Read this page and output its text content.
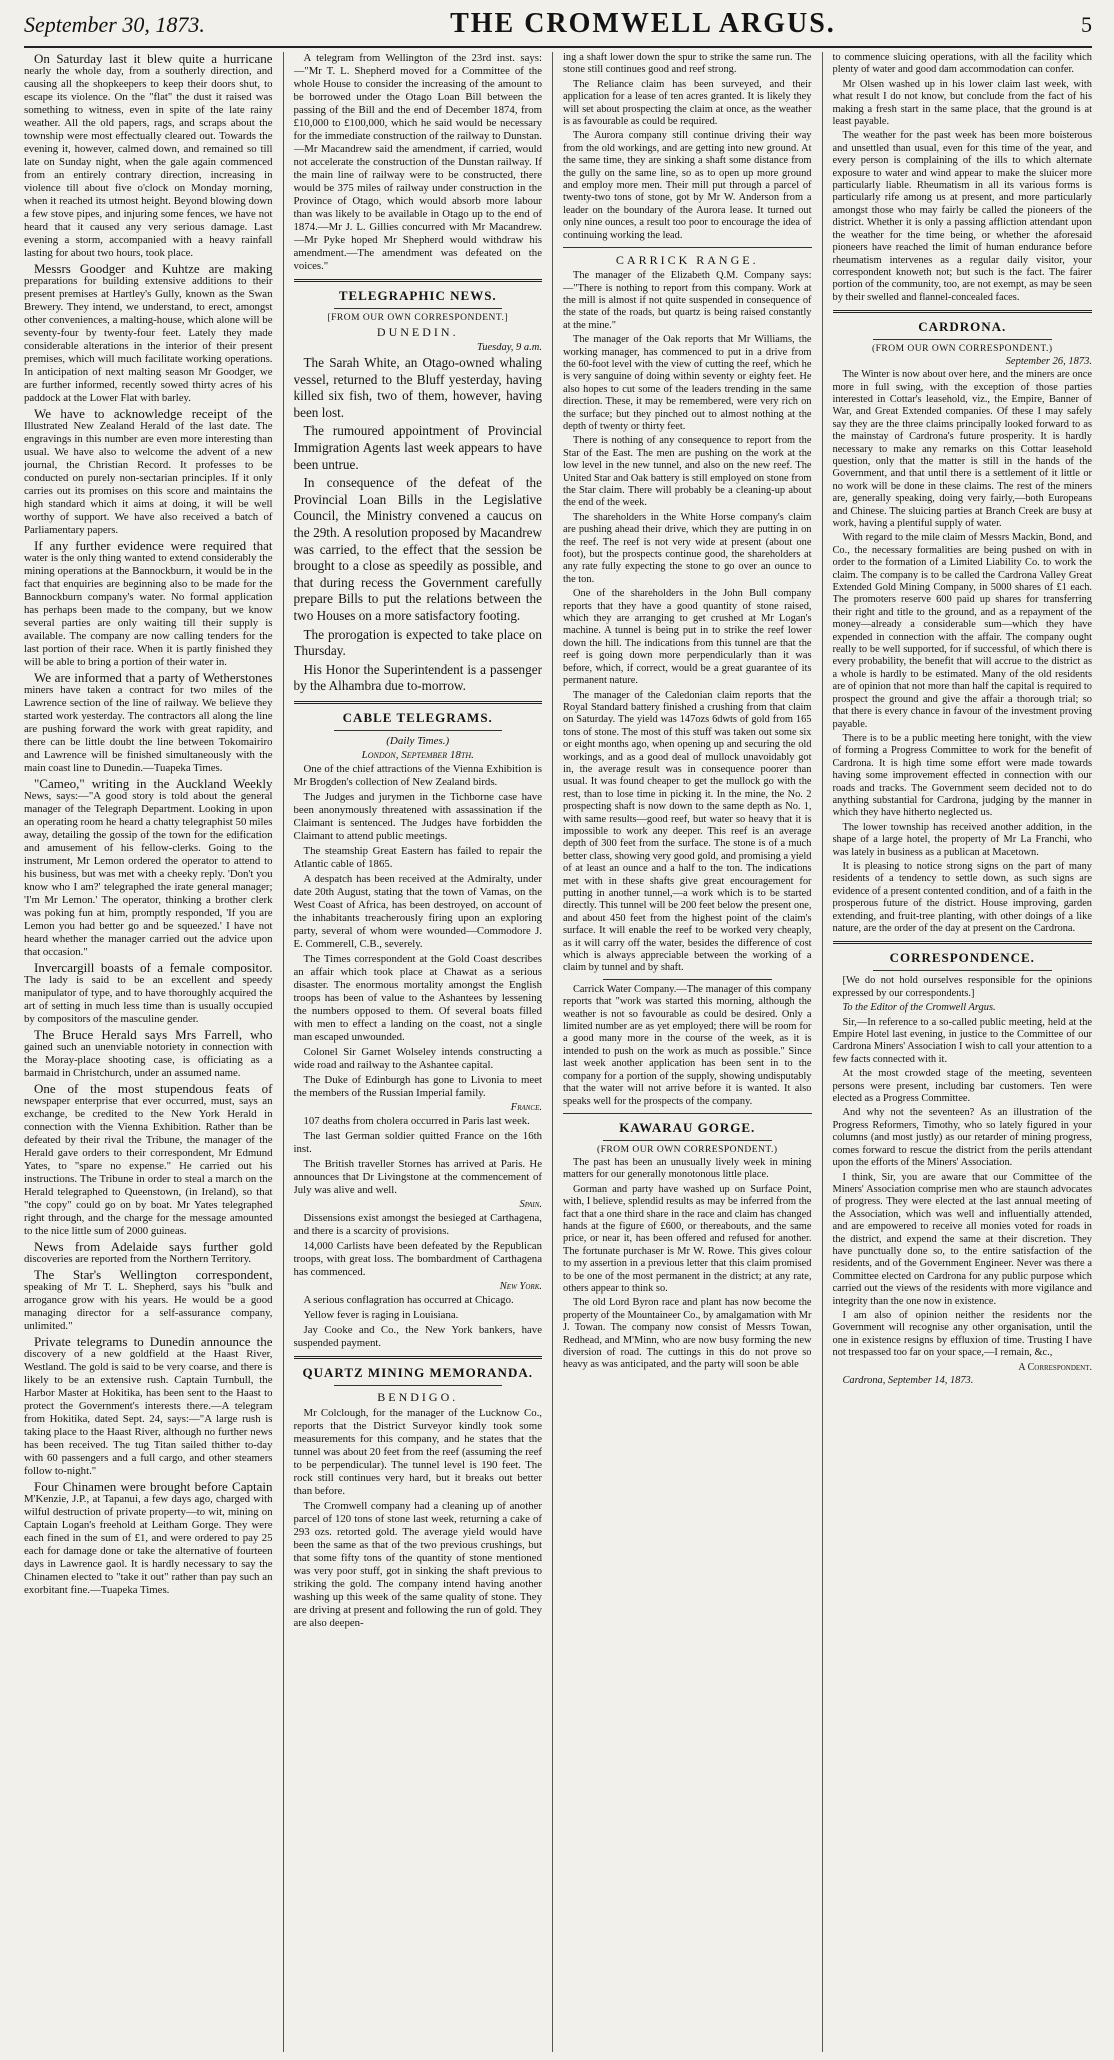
September 30, 1873.	THE CROMWELL ARGUS.	5

On Saturday last it blew quite a hurricane nearly the whole day, from a southerly direction, and causing all the shopkeepers to keep their doors shut, to escape its violence. On the "flat" the dust it raised was something to witness, even in spite of the late rainy weather. All the old papers, rags, and scraps about the township were most effectually cleared out. Towards the evening it, however, calmed down, and remained so till late on Sunday night, when the gale again commenced from an entirely contrary direction, increasing in violence till about five o'clock on Monday morning, when it reached its utmost height. Beyond blowing down a few stove pipes, and injuring some fences, we have not heard that it caused any very serious damage. Last evening a storm, accompanied with a heavy rainfall lasting for about two hours, took place.

Messrs Goodger and Kuhtze are making preparations for building extensive additions to their present premises at Hartley's Gully, known as the Swan Brewery. They intend, we understand, to erect, amongst other conveniences, a malting-house, which alone will be seventy-four by twenty-four feet. Lately they made considerable alterations in the interior of their present premises, which will much facilitate working operations. In anticipation of next malting season Mr Goodger, we are further informed, recently sowed thirty acres of his paddock at the Lower Flat with barley.

We have to acknowledge receipt of the Illustrated New Zealand Herald of the last date. The engravings in this number are even more interesting than usual. We have also to welcome the advent of a new journal, the Christian Record. It professes to be conducted on purely non-sectarian principles. If it only carries out its promises on this score and maintains the high standard which it aims at doing, it will be well worthy of support. We have also received a batch of Parliamentary papers.

If any further evidence were required that water is the only thing wanted to extend considerably the mining operations at the Bannockburn, it would be in the fact that enquiries are beginning also to be made for the Bannockburn company's water. No formal application has perhaps been made to the company, but we know several parties are only waiting till their supply is available. The company are now calling tenders for the last portion of their race. When it is partly finished they will be able to bring a portion of their water in.

We are informed that a party of Wetherstones miners have taken a contract for two miles of the Lawrence section of the line of railway. We believe they started work yesterday. The contractors all along the line are pushing forward the work with great rapidity, and there can be little doubt the line between Tokomairiro and Lawrence will be finished simultaneously with the main coast line to Dunedin.—Tuapeka Times.

"Cameo," writing in the Auckland Weekly News, says:—"A good story is told about the general manager of the Telegraph Department. Looking in upon an operating room he heard a chatty telegraphist 50 miles away, detailing the gossip of the town for the edification and amusement of his fellow-clerks. Going to the instrument, Mr Lemon ordered the operator to attend to his business, but was met with a cheeky reply. 'Don't you know who I am?' telegraphed the irate general manager; 'I'm Mr Lemon.' The operator, thinking a brother clerk was poking fun at him, promptly responded, 'If you are Lemon you had better go and be squeezed.' I have not heard whether the manager carried out the advice upon that occasion."

Invercargill boasts of a female compositor. The lady is said to be an excellent and speedy manipulator of type, and to have thoroughly acquired the art of setting in much less time than is usually occupied by compositors of the masculine gender.

The Bruce Herald says Mrs Farrell, who gained such an unenviable notoriety in connection with the Moray-place shooting case, is officiating as a barmaid in Christchurch, under an assumed name.

One of the most stupendous feats of newspaper enterprise that ever occurred, must, says an exchange, be credited to the New York Herald in connection with the Vienna Exhibition. Rather than be defeated by their rival the Tribune, the manager of the Herald gave orders to their correspondent, Mr Edmund Yates, to "spare no expense." He carried out his instructions. The Tribune in order to steal a march on the Herald telegraphed to Queenstown, (in Ireland), so that "the copy" could go on by boat. Mr Yates telegraphed right through, and the charge for the message amounted to the nice little sum of 2000 guineas.

News from Adelaide says further gold discoveries are reported from the Northern Territory.

The Star's Wellington correspondent, speaking of Mr T. L. Shepherd, says his "bulk and arrogance grow with his years. He would be a good managing director for a self-assurance company, unlimited."

Private telegrams to Dunedin announce the discovery of a new goldfield at the Haast River, Westland. The gold is said to be very coarse, and there is likely to be an extensive rush. Captain Turnbull, the Harbor Master at Hokitika, has been sent to the Haast to protect the Government's interests there.—A telegram from Hokitika, dated Sept. 24, says:—"A large rush is taking place to the Haast River, although no further news has been received. The tug Titan sailed thither to-day with 60 passengers and a full cargo, and other steamers follow to-night."

Four Chinamen were brought before Captain M'Kenzie, J.P., at Tapanui, a few days ago, charged with wilful destruction of private property—to wit, mining on Captain Logan's freehold at Leitham Gorge. They were each fined in the sum of £1, and were ordered to pay 25 each for damage done or take the alternative of fourteen days in Lawrence gaol. It is hardly necessary to say the Chinamen elected to "take it out" rather than pay such an exorbitant fine.—Tuapeka Times.

A telegram from Wellington of the 23rd inst. says:—"Mr T. L. Shepherd moved for a Committee of the whole House to consider the increasing of the amount to be borrowed under the Otago Loan Bill between the passing of the Bill and the end of December 1874, from £10,000 to £100,000, which he said would be necessary for the immediate construction of the railway to Dunstan.—Mr Macandrew said the amendment, if carried, would not accelerate the construction of the Dunstan railway. If the main line of railway were to be constructed, there would be 375 miles of railway under construction in the Province of Otago, which would absorb more labour than was likely to be available in Otago up to the end of 1874.—Mr J. L. Gillies concurred with Mr Macandrew.—Mr Pyke hoped Mr Shepherd would withdraw his amendment.—The amendment was defeated on the voices."

TELEGRAPHIC NEWS.
[FROM OUR OWN CORRESPONDENT.]
DUNEDIN.
Tuesday, 9 a.m.

The Sarah White, an Otago-owned whaling vessel, returned to the Bluff yesterday, having killed six fish, two of them, however, having been lost.

The rumoured appointment of Provincial Immigration Agents last week appears to have been untrue.

In consequence of the defeat of the Provincial Loan Bills in the Legislative Council, the Ministry convened a caucus on the 29th. A resolution proposed by Macandrew was carried, to the effect that the session be brought to a close as speedily as possible, and that during recess the Government carefully prepare Bills to put the relations between the two Houses on a more satisfactory footing.

The prorogation is expected to take place on Thursday.

His Honor the Superintendent is a passenger by the Alhambra due to-morrow.

CABLE TELEGRAMS.
(Daily Times.)
London, September 18th.

One of the chief attractions of the Vienna Exhibition is Mr Brogden's collection of New Zealand birds.

The Judges and jurymen in the Tichborne case have been anonymously threatened with assassination if the Claimant is sentenced. The Judges have forbidden the Claimant to attend public meetings.

The steamship Great Eastern has failed to repair the Atlantic cable of 1865.

A despatch has been received at the Admiralty, under date 20th August, stating that the town of Vamas, on the West Coast of Africa, has been destroyed, on account of the inhabitants treacherously firing upon an exploring party, several of whom were wounded—Commodore J. E. Commerell, C.B., severely.

The Times correspondent at the Gold Coast describes an affair which took place at Chawat as a serious disaster. The enormous mortality amongst the English troops has been of value to the Ashantees by lessening the numbers opposed to them. Of several boats filled with men to effect a landing on the coast, not a single man escaped unwounded.

Colonel Sir Garnet Wolseley intends constructing a wide road and railway to the Ashantee capital.

The Duke of Edinburgh has gone to Livonia to meet the members of the Russian Imperial family.

France.

107 deaths from cholera occurred in Paris last week.

The last German soldier quitted France on the 16th inst.

The British traveller Stornes has arrived at Paris. He announces that Dr Livingstone at the commencement of July was alive and well.

Spain.

Dissensions exist amongst the besieged at Carthagena, and there is a scarcity of provisions.

14,000 Carlists have been defeated by the Republican troops, with great loss. The bombardment of Carthagena has commenced.

New York.

A serious conflagration has occurred at Chicago.

Yellow fever is raging in Louisiana.

Jay Cooke and Co., the New York bankers, have suspended payment.

QUARTZ MINING MEMORANDA.
BENDIGO.

Mr Colclough, for the manager of the Lucknow Co., reports that the District Surveyor kindly took some measurements for this company, and he states that the tunnel was about 20 feet from the reef (assuming the reef to be perpendicular). The tunnel level is 190 feet. The rock still continues very hard, but it breaks out better than before.

The Cromwell company had a cleaning up of another parcel of 120 tons of stone last week, returning a cake of 293 ozs. retorted gold. The average yield would have been the same as that of the two previous crushings, but that some fifty tons of the quantity of stone mentioned was very poor stuff, got in sinking the shaft previous to striking the gold. The company intend having another washing up this week of the same quality of stone. They are driving at present and following the run of gold. They are also deepen-

ing a shaft lower down the spur to strike the same run. The stone still continues good and reef strong.

The Reliance claim has been surveyed, and their application for a lease of ten acres granted. It is likely they will set about prospecting the claim at once, as the weather is as favourable as could be required.

The Aurora company still continue driving their way from the old workings, and are getting into new ground. At the same time, they are sinking a shaft some distance from the gully on the same line, so as to open up more ground and employ more men. Their mill put through a parcel of twenty-two tons of stone, got by Mr W. Anderson from a leader on the boundary of the Aurora lease. It turned out only nine ounces, a result too poor to encourage the idea of continuing working the lead.

CARRICK RANGE.

The manager of the Elizabeth Q.M. Company says:—"There is nothing to report from this company. Work at the mill is almost if not quite suspended in consequence of the state of the roads, but quartz is being raised constantly at the mine."

The manager of the Oak reports that Mr Williams, the working manager, has commenced to put in a drive from the 60-foot level with the view of cutting the reef, which he is very sanguine of doing within seventy or eighty feet. He also hopes to cut some of the leaders trending in the same direction. These, it may be remembered, were very rich on the surface; but they pinched out to almost nothing at the depth of twenty or thirty feet.

There is nothing of any consequence to report from the Star of the East. The men are pushing on the work at the low level in the new tunnel, and also on the new reef. The United Star and Oak battery is still employed on stone from the Star claim. There will probably be a cleaning-up about the end of the week.

The shareholders in the White Horse company's claim are pushing ahead their drive, which they are putting in on the reef. The reef is not very wide at present (about one foot), but the prospects continue good, the shareholders at any rate fully expecting the stone to go over an ounce to the ton.

One of the shareholders in the John Bull company reports that they have a good quantity of stone raised, which they are arranging to get crushed at Mr Logan's machine. A tunnel is being put in to strike the reef lower down the hill. The indications from this tunnel are that the reef is going down more perpendicularly than it was before, which, if correct, would be a great guarantee of its permanent nature.

The manager of the Caledonian claim reports that the Royal Standard battery finished a crushing from that claim on Saturday. The yield was 147ozs 6dwts of gold from 165 tons of stone. The most of this stuff was taken out some six or eight months ago, when opening up and securing the old workings, and as a good deal of mullock unavoidably got in, the average result was in consequence poorer than usual. It was found cheaper to get the mullock go with the rest, than to lose time in picking it. In the mine, the No. 2 prospecting shaft is now down to the same depth as No. 1, with same results—good reef, but water so heavy that it is impossible to work any deeper. This reef is an average depth of 300 feet from the surface. The stone is of a much better class, showing very good gold, and promising a yield of at least an ounce and a half to the ton. The indications met with in these shafts give great encouragement for putting in another tunnel,—a work which is to be started directly. This tunnel will be 200 feet below the present one, and about 450 feet from the highest point of the claim's surface. It will enable the reef to be worked very cheaply, as it will carry off the water, besides the difference of cost which is always appreciable between the working of a claim by tunnel and by shaft.

Carrick Water Company.—The manager of this company reports that "work was started this morning, although the weather is not so favourable as could be desired. Only a limited number are as yet employed; there will be room for a good many more in the course of the week, as it is intended to push on the work as much as possible." Since last week another application has been sent in to the company for a portion of the supply, showing undisputably that the water will not arrive before it is wanted. It also speaks well for the prospects of the company.

KAWARAU GORGE.
(FROM OUR OWN CORRESPONDENT.)

The past has been an unusually lively week in mining matters for our generally monotonous little place.

Gorman and party have washed up on Surface Point, with, I believe, splendid results as may be inferred from the fact that a one third share in the race and claim has changed hands at the figure of £600, or thereabouts, and the same price, or near it, has been offered and refused for another. The fortunate purchaser is Mr W. Rowe. This gives colour to my assertion in a previous letter that this claim promised to be one of the most permanent in the district; at any rate, others appear to think so.

The old Lord Byron race and plant has now become the property of the Mountaineer Co., by amalgamation with Mr J. Towan. The company now consist of Messrs Towan, Redhead, and M'Minn, who are now busy forming the new diversion of road. The cuttings in this do not prove so heavy as was anticipated, and the party will soon be able

to commence sluicing operations, with all the facility which plenty of water and good dam accommodation can confer.

Mr Olsen washed up in his lower claim last week, with what result I do not know, but conclude from the fact of his making a fresh start in the same place, that the ground is at least payable.

The weather for the past week has been more boisterous and unsettled than usual, even for this time of the year, and every person is complaining of the ills to which alternate exposure to water and wind appear to make the sluicer more particularly liable. Rheumatism in all its various forms is particularly rife among us at present, and more particularly amongst those who may fairly be called the pioneers of the district. Whether it is only a passing affliction attendant upon the weather for the time being, or whether the aforesaid pioneers have reached the limit of human endurance before rheumatism intervenes as a regular daily visitor, your correspondent knoweth not; but such is the fact. The fairer portion of the community, too, are not exempt, as may be seen by their swelled and flannel-concealed faces.

CARDRONA.
(FROM OUR OWN CORRESPONDENT.)
September 26, 1873.

The Winter is now about over here, and the miners are once more in full swing, with the exception of those parties interested in Cottar's leasehold, viz., the Empire, Banner of War, and Great Extended companies. Of these I may safely say they are the three claims principally looked forward to as the mainstay of Cardrona's future prosperity. It is hardly necessary to make any remarks on this Cottar leasehold question, only that the matter is still in the hands of the Government, and that until there is a settlement of it little or no work will be done in these claims. The rest of the miners are, generally speaking, doing very fairly,—both Europeans and Chinese. The sluicing parties at Branch Creek are busy at work, having a plentiful supply of water.

With regard to the mile claim of Messrs Mackin, Bond, and Co., the necessary formalities are being pushed on with in order to the formation of a Limited Liability Co. to work the claim. The company is to be called the Cardrona Valley Great Extended Gold Mining Company, in 5000 shares of £1 each. The promoters reserve 600 paid up shares for transferring their right and title to the ground, and as a repayment of the money—already a considerable sum—which they have expended in connection with the affair. The company ought really to be well supported, for if successful, of which there is every probability, the benefit that will accrue to the district as a whole is hardly to be estimated. Many of the old residents are of opinion that not more than half the capital is required to prospect the ground and give the affair a thorough trial; so that there is every chance in favour of the investment proving payable.

There is to be a public meeting here tonight, with the view of forming a Progress Committee to work for the benefit of Cardrona. It is high time some effort were made towards having some improvement effected in connection with our roads and tracks. The Government seem decided not to do anything substantial for Cardrona, judging by the manner in which they have hitherto neglected us.

The lower township has received another addition, in the shape of a large hotel, the property of Mr La Franchi, who was lately in business as a publican at Macetown.

It is pleasing to notice strong signs on the part of many residents of a tendency to settle down, as such signs are evidence of a present contented condition, and of a faith in the prosperous future of the district. House improving, garden extending, and fruit-tree planting, with other doings of a like nature, are the order of the day at present on the Cardrona.

CORRESPONDENCE.

[We do not hold ourselves responsible for the opinions expressed by our correspondents.]

To the Editor of the Cromwell Argus.

Sir,—In reference to a so-called public meeting, held at the Empire Hotel last evening, in justice to the Committee of our Cardrona Miners' Association I wish to call your attention to a few facts connected with it.

At the most crowded stage of the meeting, seventeen persons were present, including bar customers. Ten were elected as a Progress Committee.

And why not the seventeen? As an illustration of the Progress Reformers, Timothy, who so lately figured in your columns (and most justly) as our retarder of mining progress, comes forward to rescue the district from the perils attendant upon the efforts of the Miners' Association.

I think, Sir, you are aware that our Committee of the Miners' Association comprise men who are staunch advocates of progress. They were elected at the last annual meeting of the Association, which was well and influentially attended, and are empowered to receive all monies voted for roads in the district, and expend the same at their discretion. They have punctually done so, to the entire satisfaction of the residents, and of the Government Engineer. Never was there a Committee elected on Cardrona for any public purpose which carried out the views of the residents with more vigilance and integrity than the one now in existence.

I am also of opinion neither the residents nor the Government will recognise any other organisation, until the one in existence resigns by effluxion of time. Trusting I have not trespassed too far on your space,—I remain, &c.,

A Correspondent.

Cardrona, September 14, 1873.
